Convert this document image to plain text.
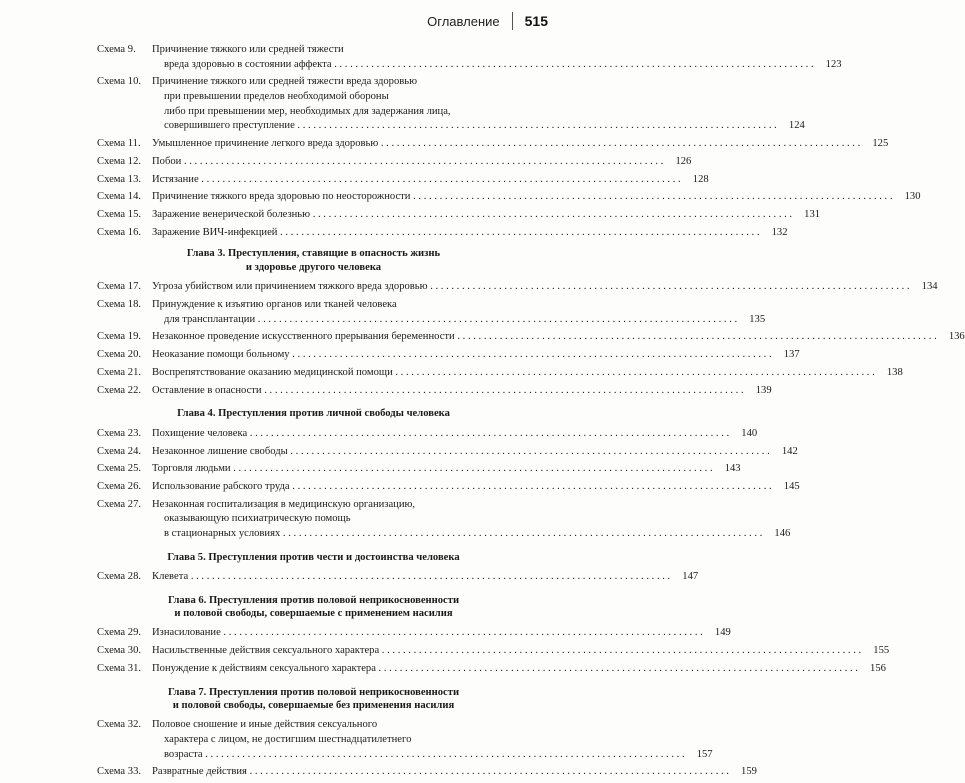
Оглавление 515
Схема 9.	Причинение тяжкого или средней тяжести
вреда здоровью в состоянии аффекта . . .	123
Схема 10.	Причинение тяжкого или средней тяжести вреда здоровью
при превышении пределов необходимой обороны
либо при превышении мер, необходимых для задержания лица,
совершившего преступление . . .	124
Схема 11.	Умышленное причинение легкого вреда здоровью . . .	125
Схема 12.	Побои . . .	126
Схема 13.	Истязание . . .	128
Схема 14.	Причинение тяжкого вреда здоровью по неосторожности . . .	130
Схема 15.	Заражение венерической болезнью . . .	131
Схема 16.	Заражение ВИЧ-инфекцией . . .	132
Глава 3. Преступления, ставящие в опасность жизнь
и здоровье другого человека
Схема 17.	Угроза убийством или причинением тяжкого вреда здоровью . . .	134
Схема 18.	Принуждение к изъятию органов или тканей человека
для трансплантации . . .	135
Схема 19.	Незаконное проведение искусственного прерывания беременности . . .	136
Схема 20.	Неоказание помощи больному . . .	137
Схема 21.	Воспрепятствование оказанию медицинской помощи . . .	138
Схема 22.	Оставление в опасности . . .	139
Глава 4. Преступления против личной свободы человека
Схема 23.	Похищение человека . . .	140
Схема 24.	Незаконное лишение свободы . . .	142
Схема 25.	Торговля людьми . . .	143
Схема 26.	Использование рабского труда . . .	145
Схема 27.	Незаконная госпитализация в медицинскую организацию,
оказывающую психиатрическую помощь
в стационарных условиях . . .	146
Глава 5. Преступления против чести и достоинства человека
Схема 28.	Клевета . . .	147
Глава 6. Преступления против половой неприкосновенности
и половой свободы, совершаемые с применением насилия
Схема 29.	Изнасилование . . .	149
Схема 30.	Насильственные действия сексуального характера . . .	155
Схема 31.	Понуждение к действиям сексуального характера . . .	156
Глава 7. Преступления против половой неприкосновенности
и половой свободы, совершаемые без применения насилия
Схема 32.	Половое сношение и иные действия сексуального
характера с лицом, не достигшим шестнадцатилетнего
возраста . . .	157
Схема 33.	Развратные действия . . .	159
